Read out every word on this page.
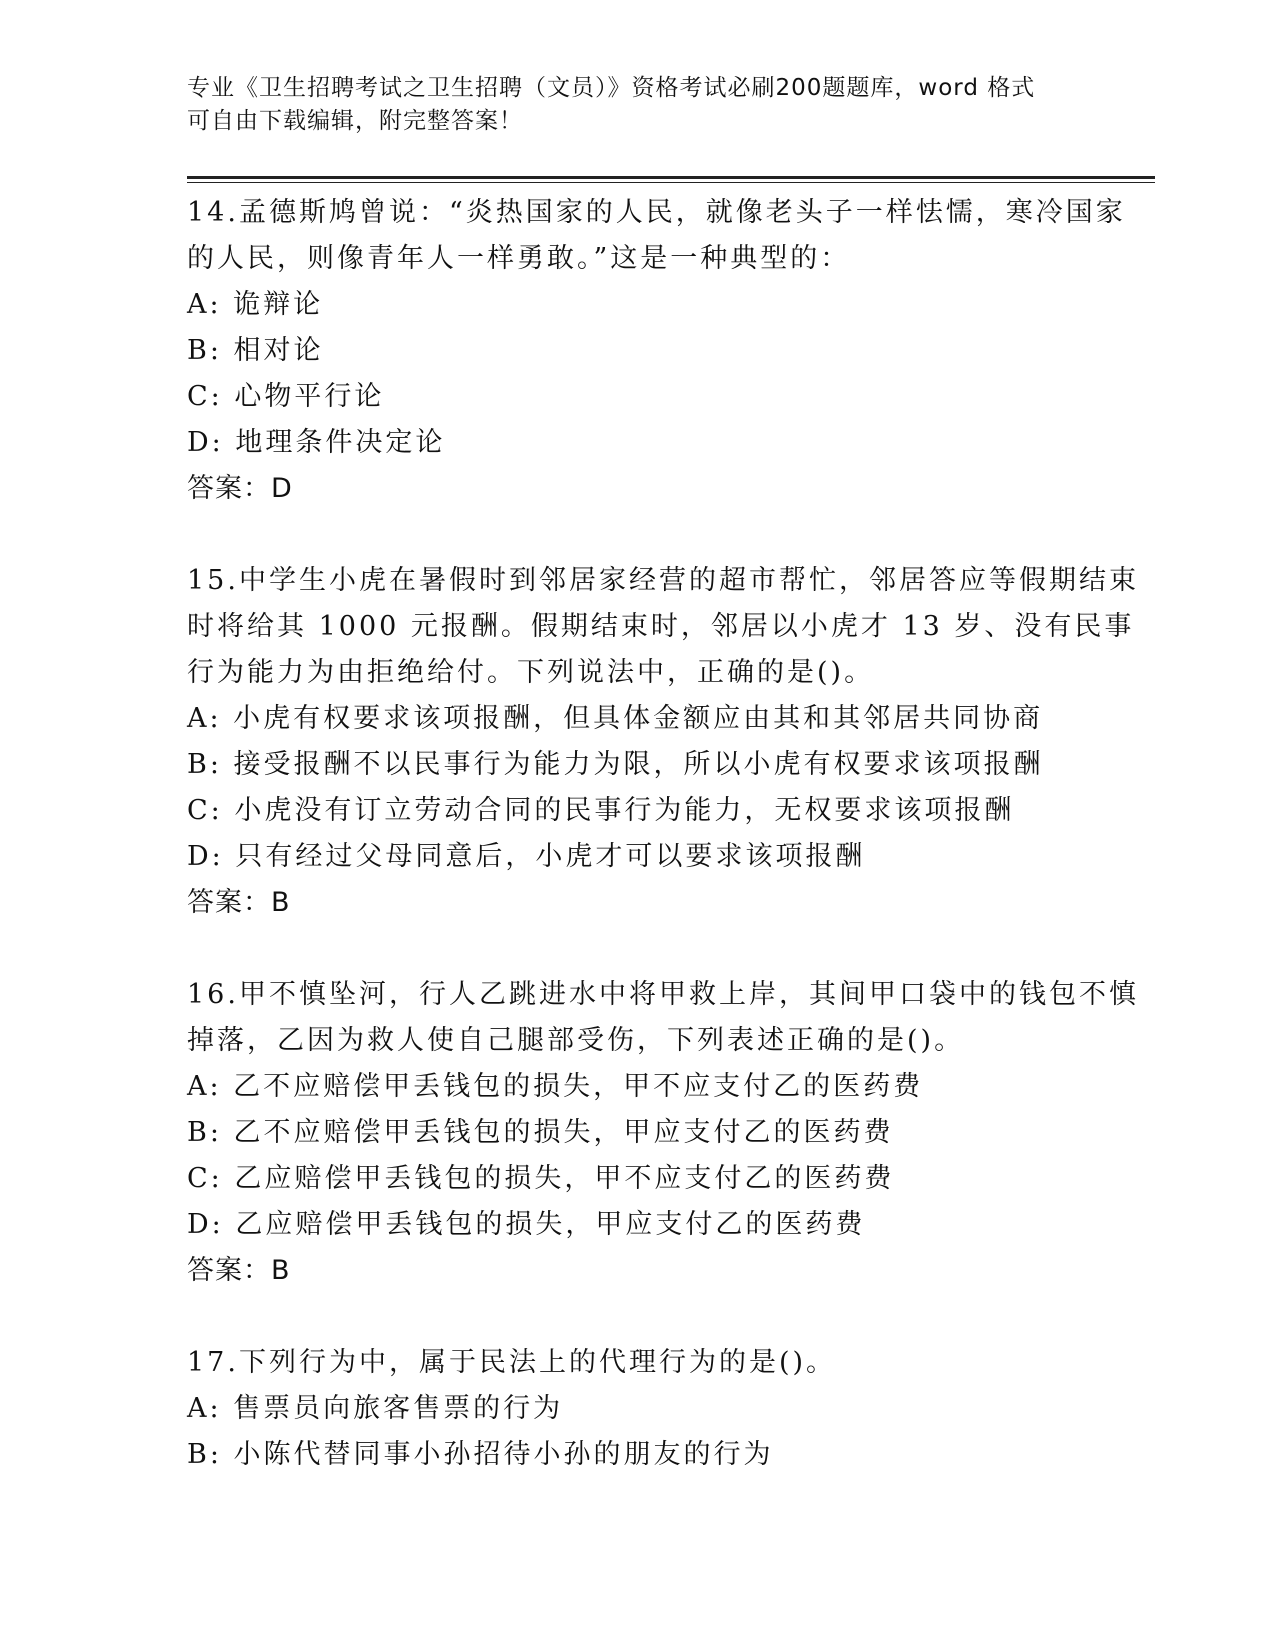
专业《卫生招聘考试之卫生招聘（文员）》资格考试必刷200题题库，word 格式
可自由下载编辑，附完整答案！
14.孟德斯鸠曾说：“炎热国家的人民，就像老头子一样怯懦，寒冷国家的人民，则像青年人一样勇敢。”这是一种典型的：
A: 诡辩论
B: 相对论
C: 心物平行论
D: 地理条件决定论
答案：D
15.中学生小虎在暑假时到邻居家经营的超市帮忙，邻居答应等假期结束时将给其 1000 元报酬。假期结束时，邻居以小虎才 13 岁、没有民事行为能力为由拒绝给付。下列说法中，正确的是()。
A: 小虎有权要求该项报酬，但具体金额应由其和其邻居共同协商
B: 接受报酬不以民事行为能力为限，所以小虎有权要求该项报酬
C: 小虎没有订立劳动合同的民事行为能力，无权要求该项报酬
D: 只有经过父母同意后，小虎才可以要求该项报酬
答案：B
16.甲不慎坠河，行人乙跳进水中将甲救上岸，其间甲口袋中的钱包不慎掉落，乙因为救人使自己腿部受伤，下列表述正确的是()。
A: 乙不应赔偿甲丢钱包的损失，甲不应支付乙的医药费
B: 乙不应赔偿甲丢钱包的损失，甲应支付乙的医药费
C: 乙应赔偿甲丢钱包的损失，甲不应支付乙的医药费
D: 乙应赔偿甲丢钱包的损失，甲应支付乙的医药费
答案：B
17.下列行为中，属于民法上的代理行为的是()。
A: 售票员向旅客售票的行为
B: 小陈代替同事小孙招待小孙的朋友的行为
